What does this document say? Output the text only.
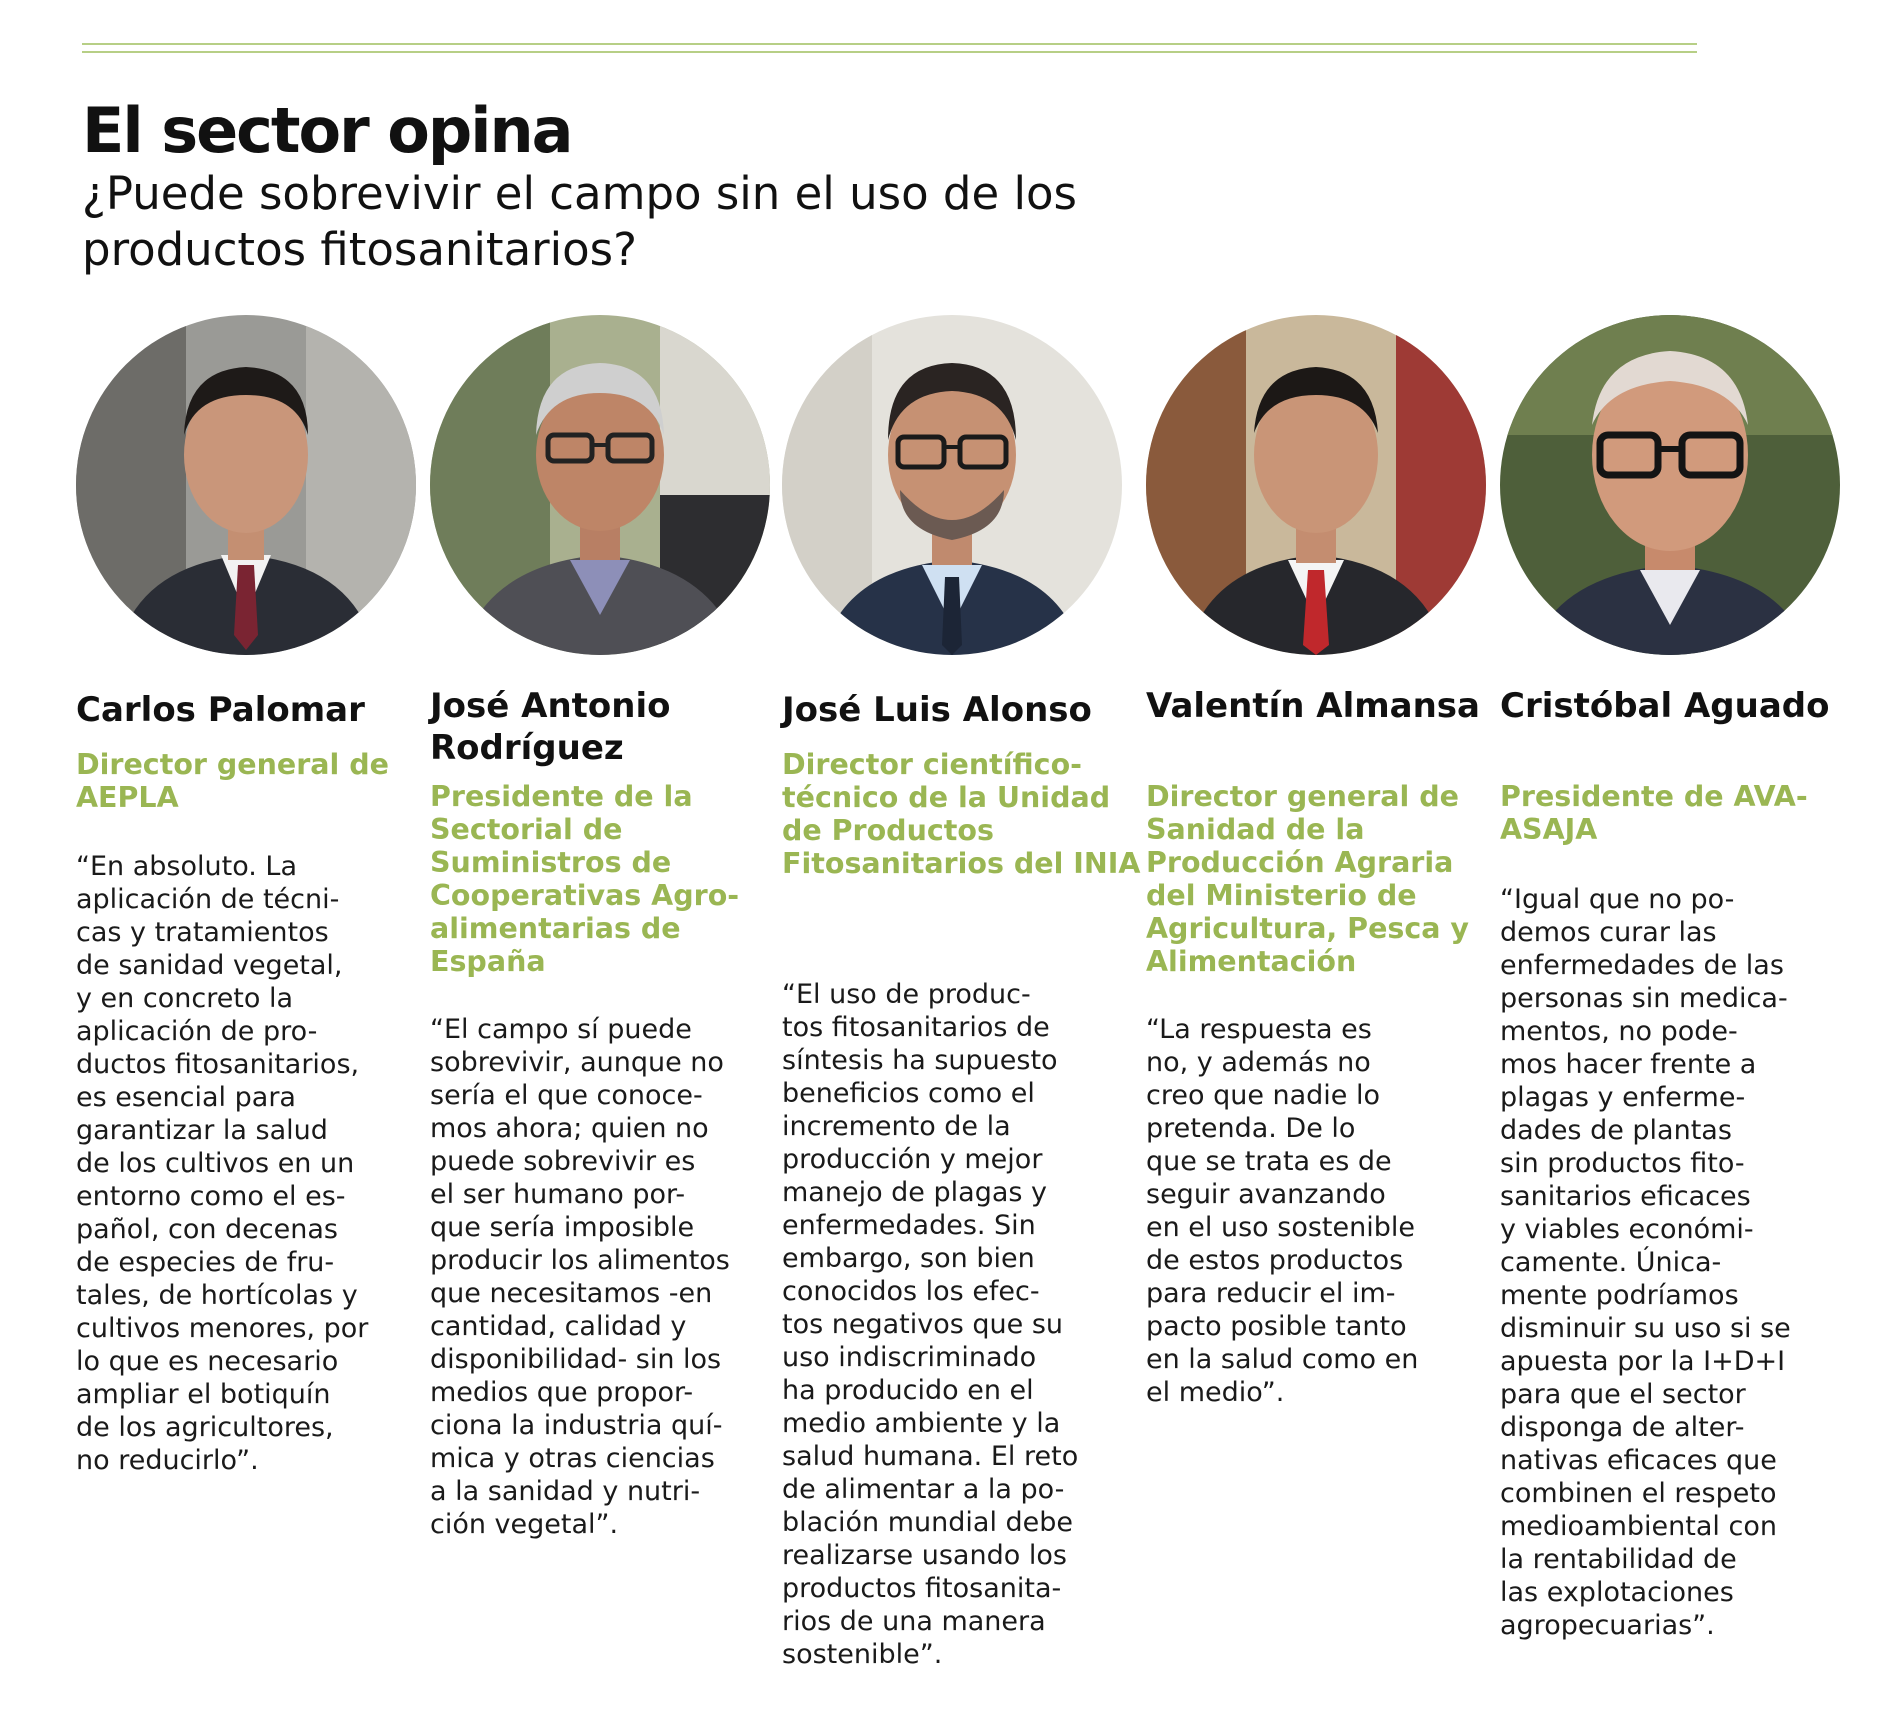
El sector opina
¿Puede sobrevivir el campo sin el uso de los productos fitosanitarios?
Carlos Palomar

Director general de AEPLA

“En absoluto. La
aplicación de técni-
cas y tratamientos
de sanidad vegetal,
y en concreto la
aplicación de pro-
ductos fitosanitarios,
es esencial para
garantizar la salud
de los cultivos en un
entorno como el es-
pañol, con decenas
de especies de fru-
tales, de hortícolas y
cultivos menores, por
lo que es necesario
ampliar el botiquín
de los agricultores,
no reducirlo”.

José Antonio Rodríguez

Presidente de la Sectorial de Suministros de Cooperativas Agro-alimentarias de España

“El campo sí puede
sobrevivir, aunque no
sería el que conoce-
mos ahora; quien no
puede sobrevivir es
el ser humano por-
que sería imposible
producir los alimentos
que necesitamos -en
cantidad, calidad y
disponibilidad- sin los
medios que propor-
ciona la industria quí-
mica y otras ciencias
a la sanidad y nutri-
ción vegetal”.

José Luis Alonso

Director científico-técnico de la Unidad de Productos Fitosanitarios del INIA

“El uso de produc-
tos fitosanitarios de
síntesis ha supuesto
beneficios como el
incremento de la
producción y mejor
manejo de plagas y
enfermedades. Sin
embargo, son bien
conocidos los efec-
tos negativos que su
uso indiscriminado
ha producido en el
medio ambiente y la
salud humana. El reto
de alimentar a la po-
blación mundial debe
realizarse usando los
productos fitosanita-
rios de una manera
sostenible”.

Valentín Almansa

Director general de Sanidad de la Producción Agraria del Ministerio de Agricultura, Pesca y Alimentación

“La respuesta es
no, y además no
creo que nadie lo
pretenda. De lo
que se trata es de
seguir avanzando
en el uso sostenible
de estos productos
para reducir el im-
pacto posible tanto
en la salud como en
el medio”.

Cristóbal Aguado

Presidente de AVA-ASAJA

“Igual que no po-
demos curar las
enfermedades de las
personas sin medica-
mentos, no pode-
mos hacer frente a
plagas y enferme-
dades de plantas
sin productos fito-
sanitarios eficaces
y viables económi-
camente. Única-
mente podríamos
disminuir su uso si se
apuesta por la I+D+I
para que el sector
disponga de alter-
nativas eficaces que
combinen el respeto
medioambiental con
la rentabilidad de
las explotaciones
agropecuarias”.
